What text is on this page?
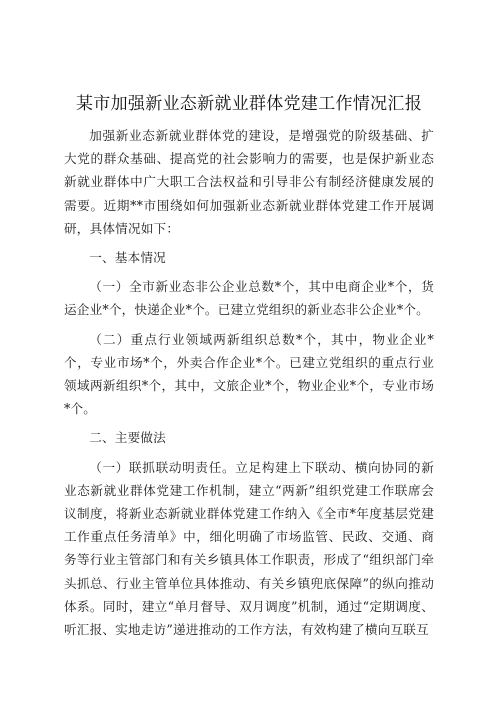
某市加强新业态新就业群体党建工作情况汇报

加强新业态新就业群体党的建设，是增强党的阶级基础、扩大党的群众基础、提高党的社会影响力的需要，也是保护新业态新就业群体中广大职工合法权益和引导非公有制经济健康发展的需要。近期**市围绕如何加强新业态新就业群体党建工作开展调研，具体情况如下：

一、基本情况

（一）全市新业态非公企业总数*个，其中电商企业*个，货运企业*个，快递企业*个。已建立党组织的新业态非公企业*个。

（二）重点行业领域两新组织总数*个，其中，物业企业*个，专业市场*个，外卖合作企业*个。已建立党组织的重点行业领域两新组织*个，其中，文旅企业*个，物业企业*个，专业市场*个。

二、主要做法

（一）联抓联动明责任。立足构建上下联动、横向协同的新业态新就业群体党建工作机制，建立“两新”组织党建工作联席会议制度，将新业态新就业群体党建工作纳入《全市*年度基层党建工作重点任务清单》中，细化明确了市场监管、民政、交通、商务等行业主管部门和有关乡镇具体工作职责，形成了“组织部门牵头抓总、行业主管单位具体推动、有关乡镇兜底保障”的纵向推动体系。同时，建立“单月督导、双月调度”机制，通过“定期调度、听汇报、实地走访”递进推动的工作方法，有效构建了横向互联互
